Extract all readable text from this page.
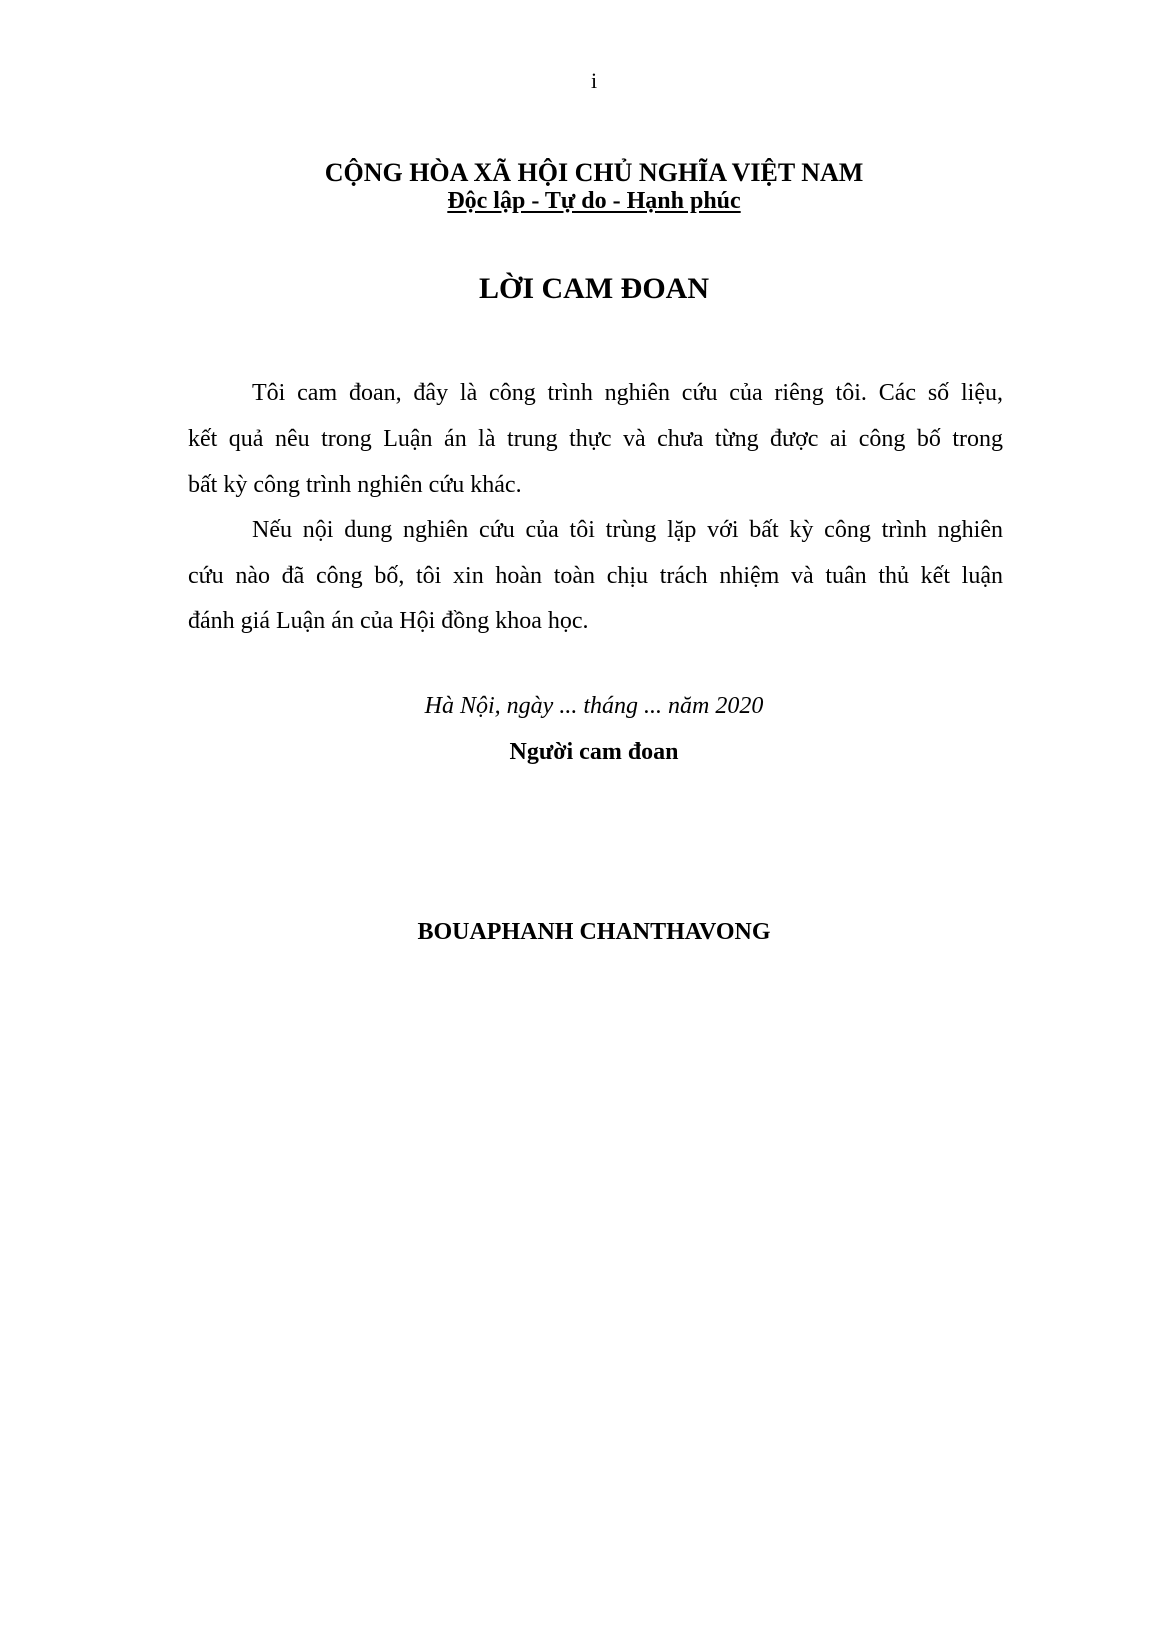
i

CỘNG HÒA XÃ HỘI CHỦ NGHĨA VIỆT NAM

Độc lập - Tự do - Hạnh phúc

LỜI CAM ĐOAN

Tôi cam đoan, đây là công trình nghiên cứu của riêng tôi. Các số liệu,

kết quả nêu trong Luận án là trung thực và chưa từng được ai công bố trong

bất kỳ công trình nghiên cứu khác.

Nếu nội dung nghiên cứu của tôi trùng lặp với bất kỳ công trình nghiên

cứu nào đã công bố, tôi xin hoàn toàn chịu trách nhiệm và tuân thủ kết luận

đánh giá Luận án của Hội đồng khoa học.

Hà Nội, ngày ... tháng ... năm 2020

Người cam đoan

BOUAPHANH CHANTHAVONG
